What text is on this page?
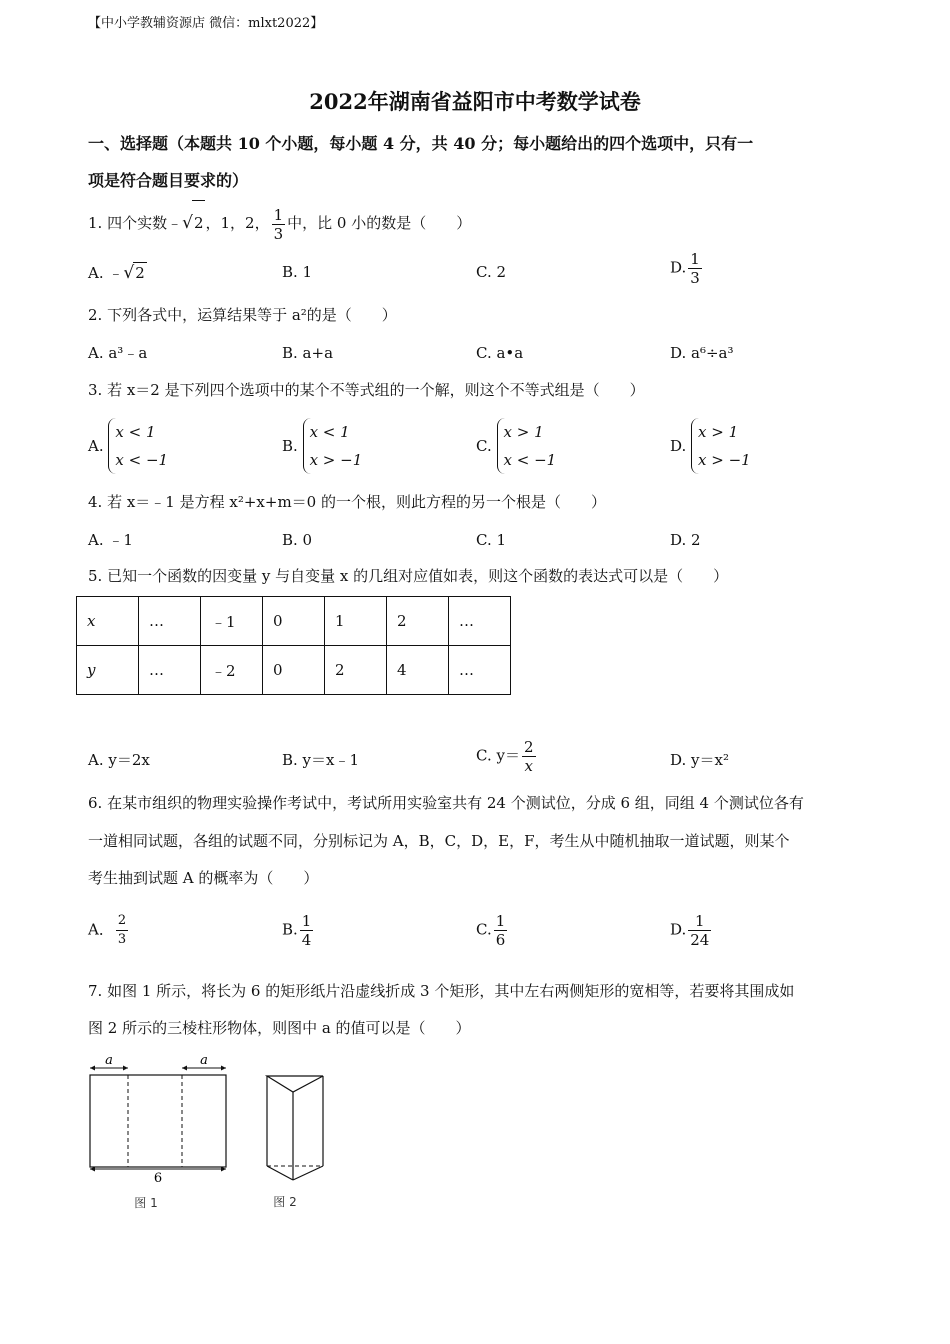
【中小学教辅资源店 微信：mlxt2022】
2022年湖南省益阳市中考数学试卷
一、选择题（本题共 10 个小题，每小题 4 分，共 40 分；每小题给出的四个选项中，只有一
项是符合题目要求的）
1. 四个实数﹣√2 ，1，2， $\frac{1}{3}$ 中，比 0 小的数是（　　）
A. ﹣√2	B. 1	C. 2	D. $\frac{1}{3}$
2. 下列各式中，运算结果等于 a²的是（　　）
A. a³﹣a	B. a+a	C. a•a	D. a⁶÷a³
3. 若 x＝2 是下列四个选项中的某个不等式组的一个解，则这个不等式组是（　　）
A. x < 1
x < −1
B. x < 1
x > −1
C. x > 1
x < −1
D. x > 1
x > −1
4. 若 x＝﹣1 是方程 x²+x+m＝0 的一个根，则此方程的另一个根是（　　）
A. ﹣1	B. 0	C. 1	D. 2
5. 已知一个函数的因变量 y 与自变量 x 的几组对应值如表，则这个函数的表达式可以是（　　）
x	…	﹣1	0	1	2	…
y	…	﹣2	0	2	4	…
A. y＝2x	B. y＝x﹣1	C. $y= \frac{2}{x}$	D. y＝x²
6. 在某市组织的物理实验操作考试中，考试所用实验室共有 24 个测试位，分成 6 组，同组 4 个测试位各有
一道相同试题，各组的试题不同，分别标记为 A，B，C，D，E，F，考生从中随机抽取一道试题，则某个
考生抽到试题 A 的概率为（　　）
A． $\frac{2}{3}$	B. $\frac{1}{4}$	C. $\frac{1}{6}$	D. $\frac{1}{24}$
7. 如图 1 所示，将长为 6 的矩形纸片沿虚线折成 3 个矩形，其中左右两侧矩形的宽相等，若要将其围成如
图 2 所示的三棱柱形物体，则图中 a 的值可以是（　　）
a	a
6
图 1	图 2
